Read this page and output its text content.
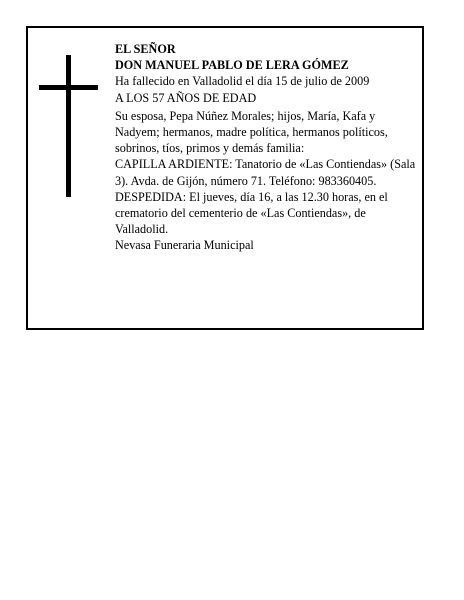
EL SEÑOR
DON MANUEL PABLO DE LERA GÓMEZ
Ha fallecido en Valladolid el día 15 de julio de 2009
A LOS 57 AÑOS DE EDAD
Su esposa, Pepa Núñez Morales; hijos, María, Kafa y Nadyem; hermanos, madre política, hermanos políticos, sobrinos, tíos, primos y demás familia:
CAPILLA ARDIENTE: Tanatorio de «Las Contiendas» (Sala 3). Avda. de Gijón, número 71. Teléfono: 983360405.
DESPEDIDA: El jueves, día 16, a las 12.30 horas, en el crematorio del cementerio de «Las Contiendas», de Valladolid.
Nevasa Funeraria Municipal
